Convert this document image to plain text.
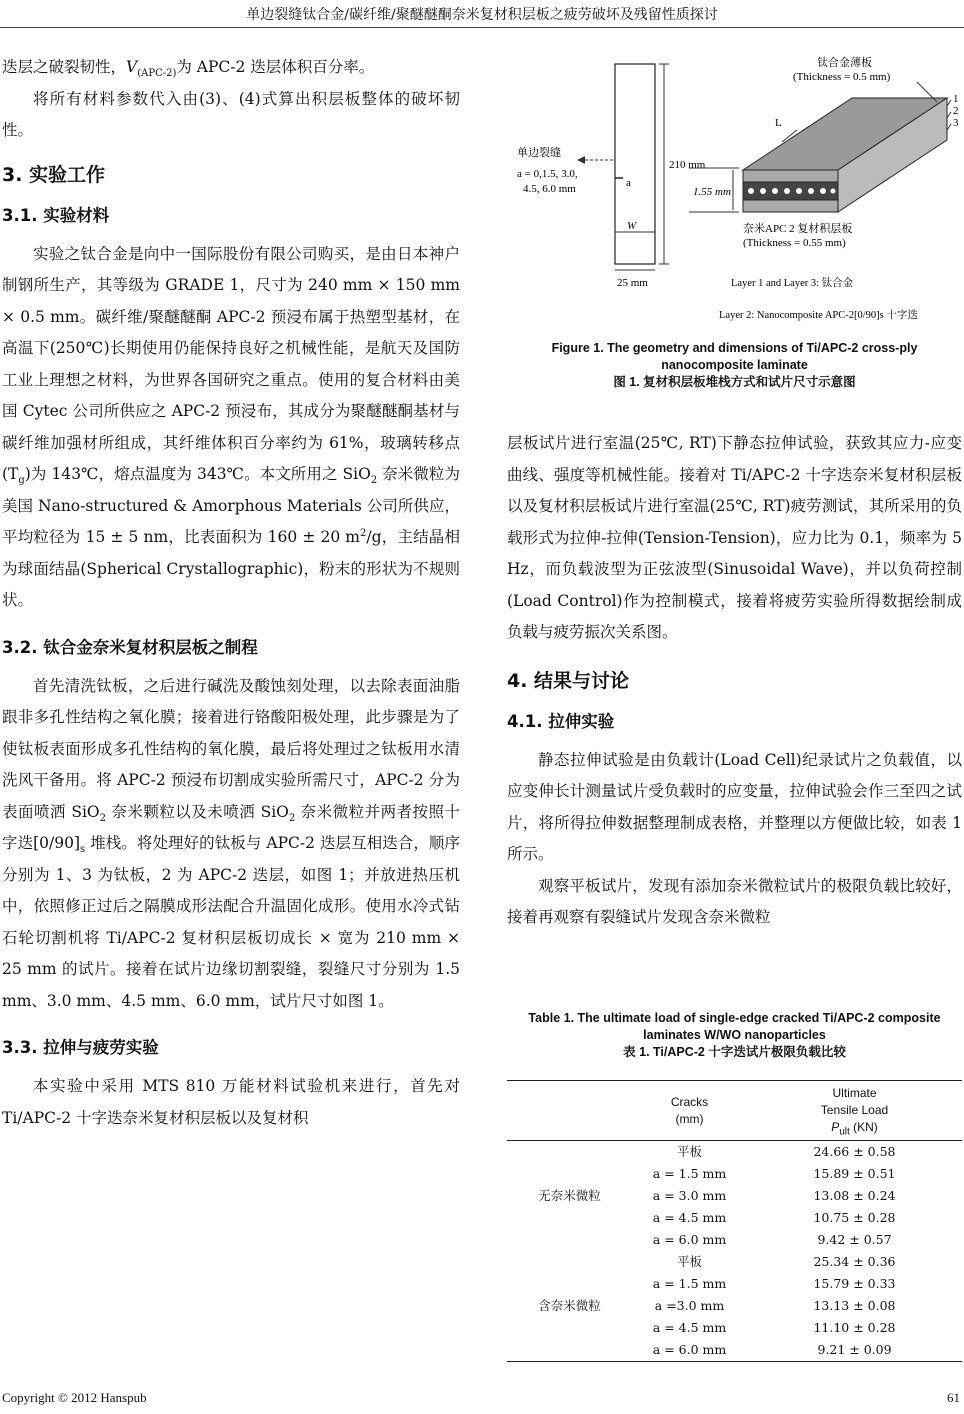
单边裂缝钛合金/碳纤维/聚醚醚酮奈米复材积层板之疲劳破坏及残留性质探讨

迭层之破裂韧性，$V_{(APC-2)}$为 APC-2 迭层体积百分率。

将所有材料参数代入由(3)、(4)式算出积层板整体的破坏韧性。

3. 实验工作
3.1. 实验材料

实验之钛合金是向中一国际股份有限公司购买，是由日本神户制钢所生产，其等级为 GRADE 1，尺寸为 240 mm × 150 mm × 0.5 mm。碳纤维/聚醚醚酮 APC-2 预浸布属于热塑型基材，在高温下(250℃)长期使用仍能保持良好之机械性能，是航天及国防工业上理想之材料，为世界各国研究之重点。使用的复合材料由美国 Cytec 公司所供应之 APC-2 预浸布，其成分为聚醚醚酮基材与碳纤维加强材所组成，其纤维体积百分率约为 61%，玻璃转移点$(T_g)$为 143℃，熔点温度为 343℃。本文所用之 SiO$_2$ 奈米微粒为美国 Nano-structured & Amorphous Materials 公司所供应，平均粒径为 15 ± 5 nm，比表面积为 160 ± 20 $m^2/g$，主结晶相为球面结晶(Spherical Crystallographic)，粉末的形状为不规则状。

3.2. 钛合金奈米复材积层板之制程

首先清洗钛板，之后进行碱洗及酸蚀刻处理，以去除表面油脂跟非多孔性结构之氧化膜；接着进行铬酸阳极处理，此步骤是为了使钛板表面形成多孔性结构的氧化膜，最后将处理过之钛板用水清洗风干备用。将 APC-2 预浸布切割成实验所需尺寸，APC-2 分为表面喷洒 SiO$_2$ 奈米颗粒以及未喷洒 SiO$_2$ 奈米微粒并两者按照十字迭$[0/90]_s$ 堆栈。将处理好的钛板与 APC-2 迭层互相迭合，顺序分别为 1、3 为钛板，2 为 APC-2 迭层，如图 1；并放进热压机中，依照修正过后之隔膜成形法配合升温固化成形。使用水冷式钻石轮切割机将 Ti/APC-2 复材积层板切成长 × 宽为 210 mm × 25 mm 的试片。接着在试片边缘切割裂缝，裂缝尺寸分别为 1.5 mm、3.0 mm、4.5 mm、6.0 mm，试片尺寸如图 1。

3.3. 拉伸与疲劳实验

本实验中采用 MTS 810 万能材料试验机来进行，首先对 Ti/APC-2 十字迭奈米复材积层板以及复材积

a
单边裂缝
a = 0,1.5, 3.0,
4.5, 6.0 mm
210 mm
W
25 mm
1.55 mm
L
钛合金薄板
(Thickness = 0.5 mm)
1
2
3
奈米APC 2 复材积层板
(Thickness = 0.55 mm)
Layer 1 and Layer 3: 钛合金
Layer 2: Nanocomposite APC-2[0/90]s 十字迭
Figure 1. The geometry and dimensions of Ti/APC-2 cross-ply nanocomposite laminate
图 1. 复材积层板堆栈方式和试片尺寸示意图

层板试片进行室温(25℃, RT)下静态拉伸试验，获致其应力-应变曲线、强度等机械性能。接着对 Ti/APC-2 十字迭奈米复材积层板以及复材积层板试片进行室温(25℃, RT)疲劳测试，其所采用的负载形式为拉伸-拉伸(Tension-Tension)，应力比为 0.1，频率为 5 Hz，而负载波型为正弦波型(Sinusoidal Wave)，并以负荷控制(Load Control)作为控制模式，接着将疲劳实验所得数据绘制成负载与疲劳振次关系图。

4. 结果与讨论
4.1. 拉伸实验

静态拉伸试验是由负载计(Load Cell)纪录试片之负载值，以应变伸长计测量试片受负载时的应变量，拉伸试验会作三至四之试片，将所得拉伸数据整理制成表格，并整理以方便做比较，如表 1 所示。

观察平板试片，发现有添加奈米微粒试片的极限负载比较好，接着再观察有裂缝试片发现含奈米微粒

Table 1. The ultimate load of single-edge cracked Ti/APC-2 composite laminates W/WO nanoparticles
表 1. Ti/APC-2 十字迭试片极限负载比较
	Cracks
(mm)	Ultimate
Tensile Load
$P_{ult}$ (KN)
无奈米微粒	平板	24.66 ± 0.58
	a = 1.5 mm	15.89 ± 0.51
	a = 3.0 mm	13.08 ± 0.24
	a = 4.5 mm	10.75 ± 0.28
	a = 6.0 mm	9.42 ± 0.57
含奈米微粒	平板	25.34 ± 0.36
	a = 1.5 mm	15.79 ± 0.33
	a =3.0 mm	13.13 ± 0.08
	a = 4.5 mm	11.10 ± 0.28
	a = 6.0 mm	9.21 ± 0.09
Copyright © 2012 Hanspub	61
